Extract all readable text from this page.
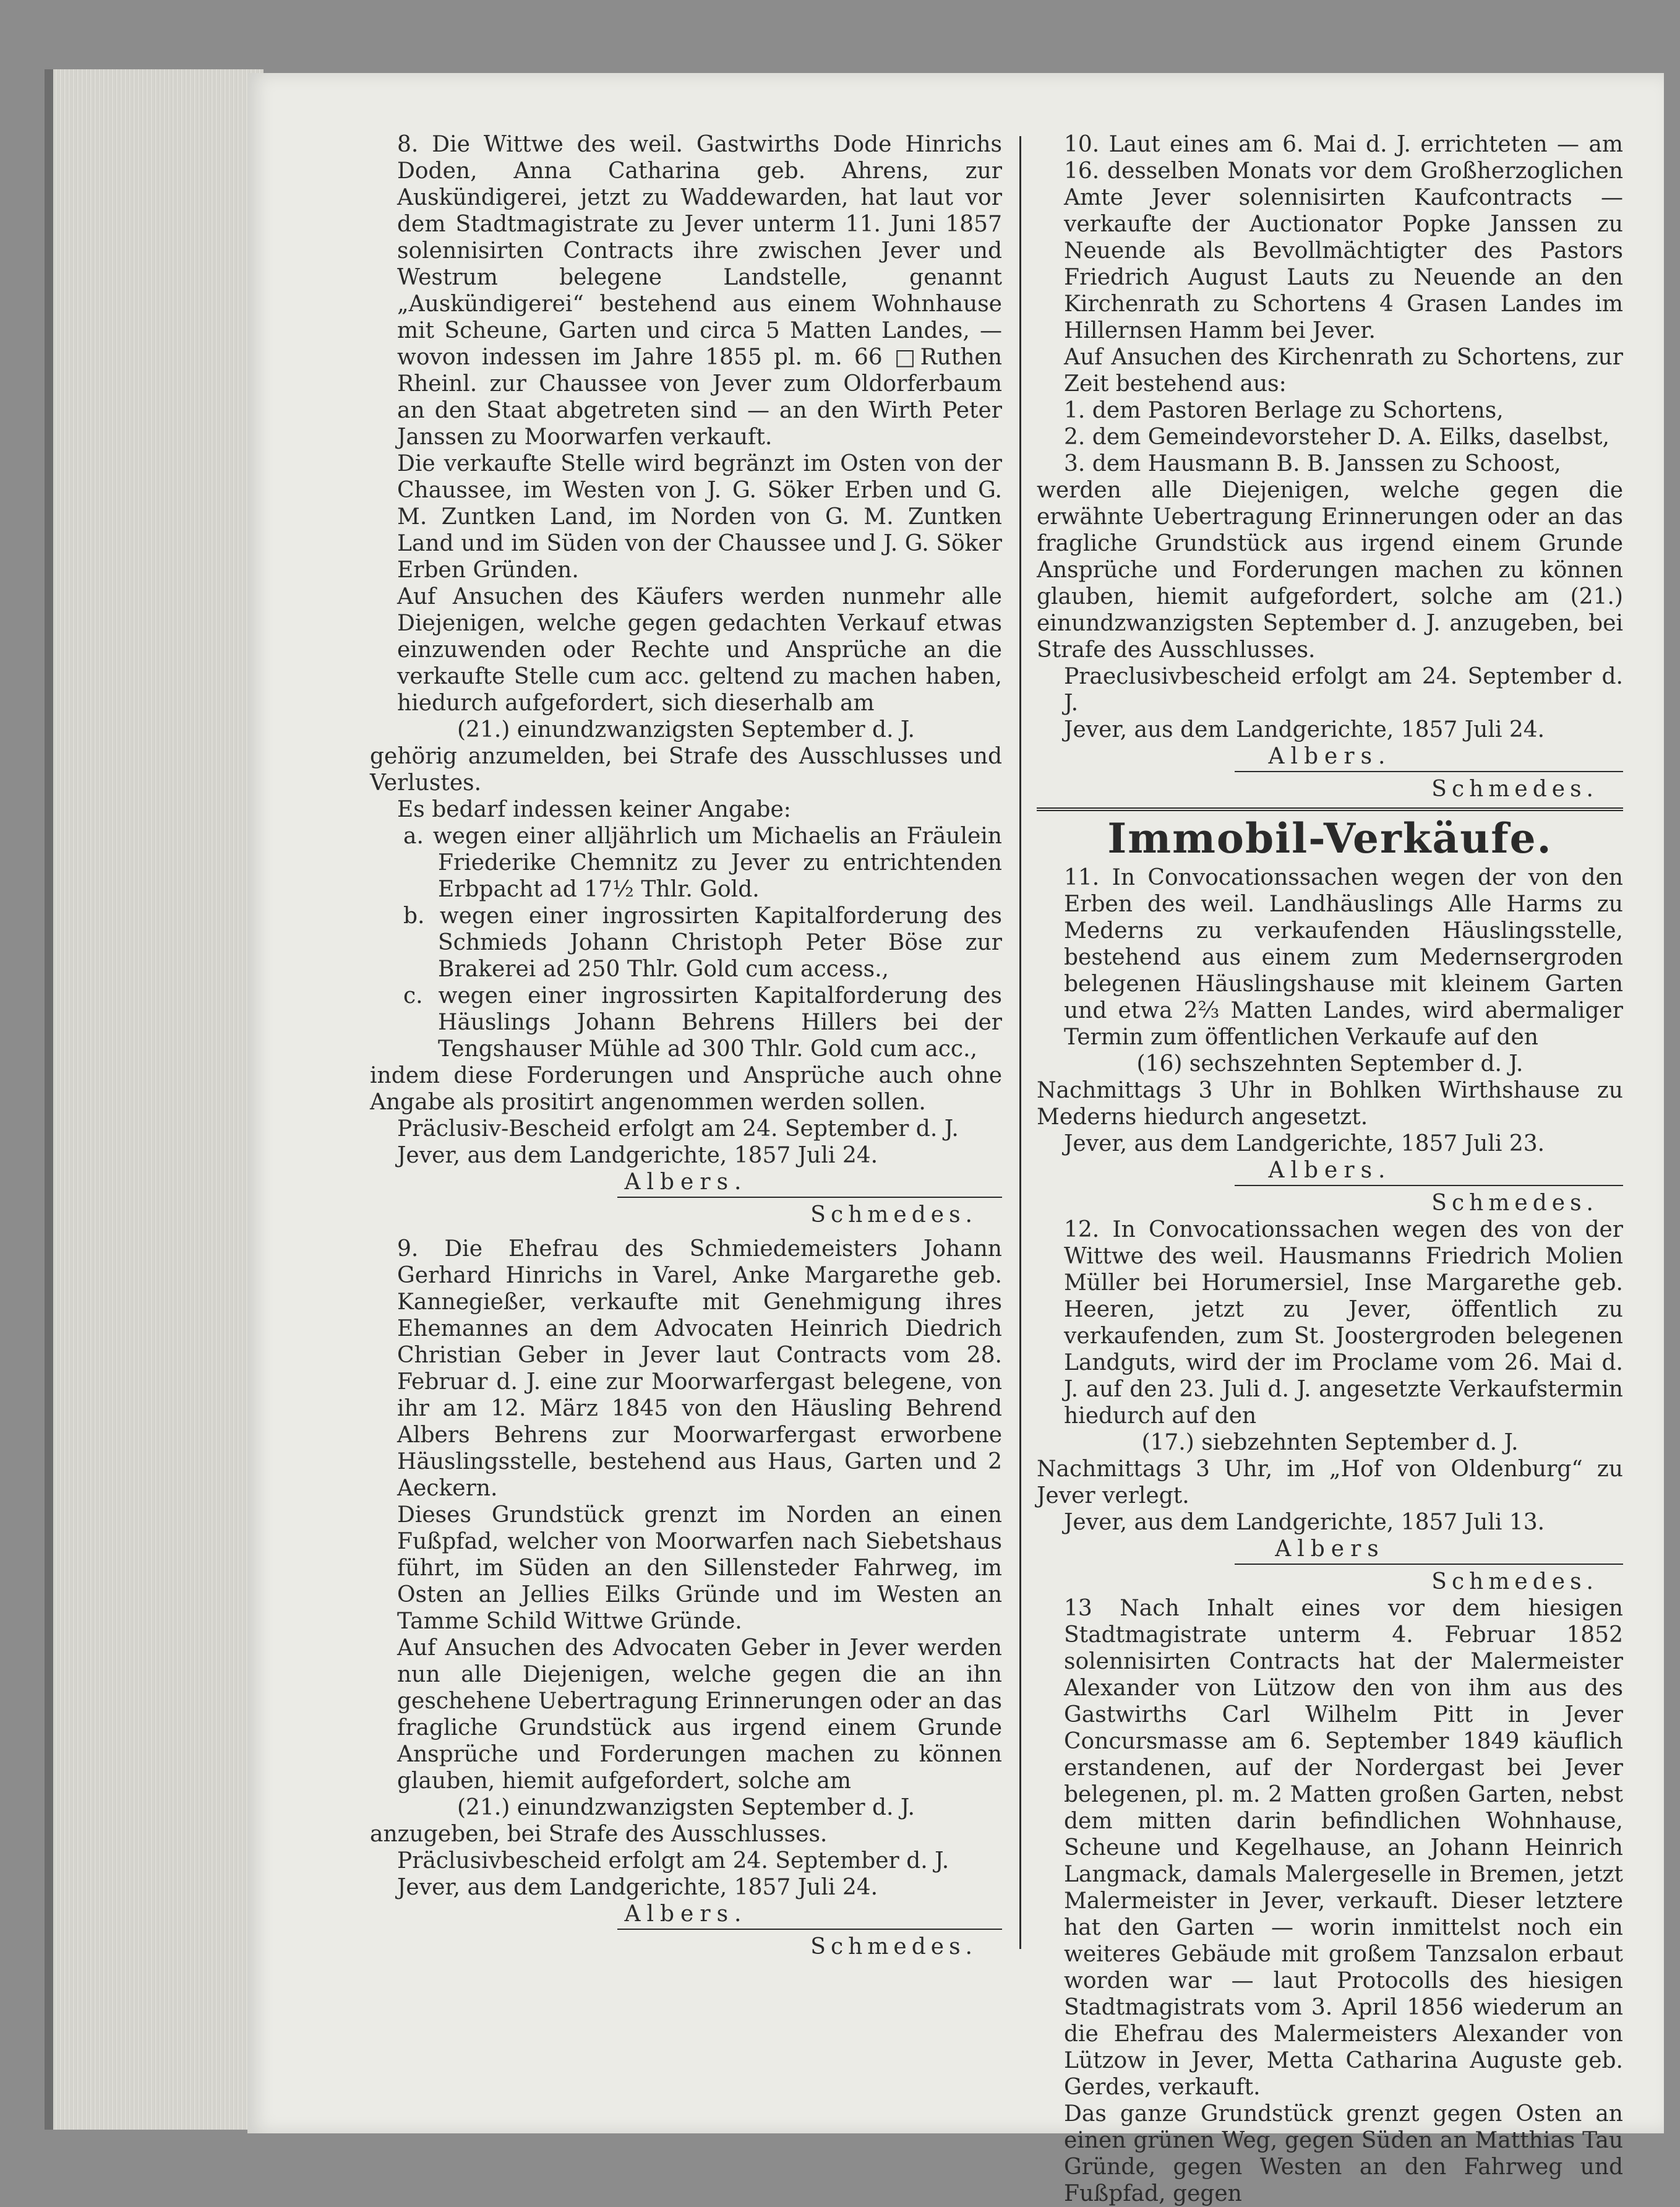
8. Die Wittwe des weil. Gastwirths Dode Hinrichs Doden, Anna Catharina geb. Ahrens, zur Auskündigerei, jetzt zu Waddewarden, hat laut vor dem Stadtmagistrate zu Jever unterm 11. Juni 1857 solennisirten Contracts ihre zwischen Jever und Westrum belegene Landstelle, genannt „Auskündigerei“ bestehend aus einem Wohnhause mit Scheune, Garten und circa 5 Matten Landes, — wovon indessen im Jahre 1855 pl. m. 66 □Ruthen Rheinl. zur Chaussee von Jever zum Oldorferbaum an den Staat abgetreten sind — an den Wirth Peter Janssen zu Moorwarfen verkauft.

Die verkaufte Stelle wird begränzt im Osten von der Chaussee, im Westen von J. G. Söker Erben und G. M. Zuntken Land, im Norden von G. M. Zuntken Land und im Süden von der Chaussee und J. G. Söker Erben Gründen.

Auf Ansuchen des Käufers werden nunmehr alle Diejenigen, welche gegen gedachten Verkauf etwas einzuwenden oder Rechte und Ansprüche an die verkaufte Stelle cum acc. geltend zu machen haben, hiedurch aufgefordert, sich dieserhalb am

(21.) einundzwanzigsten September d. J.

gehörig anzumelden, bei Strafe des Ausschlusses und Verlustes.

Es bedarf indessen keiner Angabe:

a. wegen einer alljährlich um Michaelis an Fräulein Friederike Chemnitz zu Jever zu entrichtenden Erbpacht ad 17½ Thlr. Gold.
b. wegen einer ingrossirten Kapitalforderung des Schmieds Johann Christoph Peter Böse zur Brakerei ad 250 Thlr. Gold cum access.,
c. wegen einer ingrossirten Kapitalforderung des Häuslings Johann Behrens Hillers bei der Tengshauser Mühle ad 300 Thlr. Gold cum acc.,

indem diese Forderungen und Ansprüche auch ohne Angabe als prositirt angenommen werden sollen.

Präclusiv-Bescheid erfolgt am 24. September d. J.

Jever, aus dem Landgerichte, 1857 Juli 24.

Albers.

Schmedes.

9. Die Ehefrau des Schmiedemeisters Johann Gerhard Hinrichs in Varel, Anke Margarethe geb. Kannegießer, verkaufte mit Genehmigung ihres Ehemannes an dem Advocaten Heinrich Diedrich Christian Geber in Jever laut Contracts vom 28. Februar d. J. eine zur Moorwarfergast belegene, von ihr am 12. März 1845 von den Häusling Behrend Albers Behrens zur Moorwarfergast erworbene Häuslingsstelle, bestehend aus Haus, Garten und 2 Aeckern.

Dieses Grundstück grenzt im Norden an einen Fußpfad, welcher von Moorwarfen nach Siebetshaus führt, im Süden an den Sillensteder Fahrweg, im Osten an Jellies Eilks Gründe und im Westen an Tamme Schild Wittwe Gründe.

Auf Ansuchen des Advocaten Geber in Jever werden nun alle Diejenigen, welche gegen die an ihn geschehene Uebertragung Erinnerungen oder an das fragliche Grundstück aus irgend einem Grunde Ansprüche und Forderungen machen zu können glauben, hiemit aufgefordert, solche am

(21.) einundzwanzigsten September d. J.

anzugeben, bei Strafe des Ausschlusses.

Präclusivbescheid erfolgt am 24. September d. J.

Jever, aus dem Landgerichte, 1857 Juli 24.

Albers.

Schmedes.

10. Laut eines am 6. Mai d. J. errichteten — am 16. desselben Monats vor dem Großherzoglichen Amte Jever solennisirten Kaufcontracts — verkaufte der Auctionator Popke Janssen zu Neuende als Bevollmächtigter des Pastors Friedrich August Lauts zu Neuende an den Kirchenrath zu Schortens 4 Grasen Landes im Hillernsen Hamm bei Jever.

Auf Ansuchen des Kirchenrath zu Schortens, zur Zeit bestehend aus:

1. dem Pastoren Berlage zu Schortens,
2. dem Gemeindevorsteher D. A. Eilks, daselbst,
3. dem Hausmann B. B. Janssen zu Schoost,

werden alle Diejenigen, welche gegen die erwähnte Uebertragung Erinnerungen oder an das fragliche Grundstück aus irgend einem Grunde Ansprüche und Forderungen machen zu können glauben, hiemit aufgefordert, solche am (21.) einundzwanzigsten September d. J. anzugeben, bei Strafe des Ausschlusses.

Praeclusivbescheid erfolgt am 24. September d. J.

Jever, aus dem Landgerichte, 1857 Juli 24.

Albers.

Schmedes.

Immobil-Verkäufe.

11. In Convocationssachen wegen der von den Erben des weil. Landhäuslings Alle Harms zu Mederns zu verkaufenden Häuslingsstelle, bestehend aus einem zum Medernsergroden belegenen Häuslingshause mit kleinem Garten und etwa 2⅔ Matten Landes, wird abermaliger Termin zum öffentlichen Verkaufe auf den

(16) sechszehnten September d. J.

Nachmittags 3 Uhr in Bohlken Wirthshause zu Mederns hiedurch angesetzt.

Jever, aus dem Landgerichte, 1857 Juli 23.

Albers.

Schmedes.

12. In Convocationssachen wegen des von der Wittwe des weil. Hausmanns Friedrich Molien Müller bei Horumersiel, Inse Margarethe geb. Heeren, jetzt zu Jever, öffentlich zu verkaufenden, zum St. Joostergroden belegenen Landguts, wird der im Proclame vom 26. Mai d. J. auf den 23. Juli d. J. angesetzte Verkaufstermin hiedurch auf den

(17.) siebzehnten September d. J.

Nachmittags 3 Uhr, im „Hof von Oldenburg“ zu Jever verlegt.

Jever, aus dem Landgerichte, 1857 Juli 13.

Albers

Schmedes.

13 Nach Inhalt eines vor dem hiesigen Stadtmagistrate unterm 4. Februar 1852 solennisirten Contracts hat der Malermeister Alexander von Lützow den von ihm aus des Gastwirths Carl Wilhelm Pitt in Jever Concursmasse am 6. September 1849 käuflich erstandenen, auf der Nordergast bei Jever belegenen, pl. m. 2 Matten großen Garten, nebst dem mitten darin befindlichen Wohnhause, Scheune und Kegelhause, an Johann Heinrich Langmack, damals Malergeselle in Bremen, jetzt Malermeister in Jever, verkauft. Dieser letztere hat den Garten — worin inmittelst noch ein weiteres Gebäude mit großem Tanzsalon erbaut worden war — laut Protocolls des hiesigen Stadtmagistrats vom 3. April 1856 wiederum an die Ehefrau des Malermeisters Alexander von Lützow in Jever, Metta Catharina Auguste geb. Gerdes, verkauft.

Das ganze Grundstück grenzt gegen Osten an einen grünen Weg, gegen Süden an Matthias Tau Gründe, gegen Westen an den Fahrweg und Fußpfad, gegen
